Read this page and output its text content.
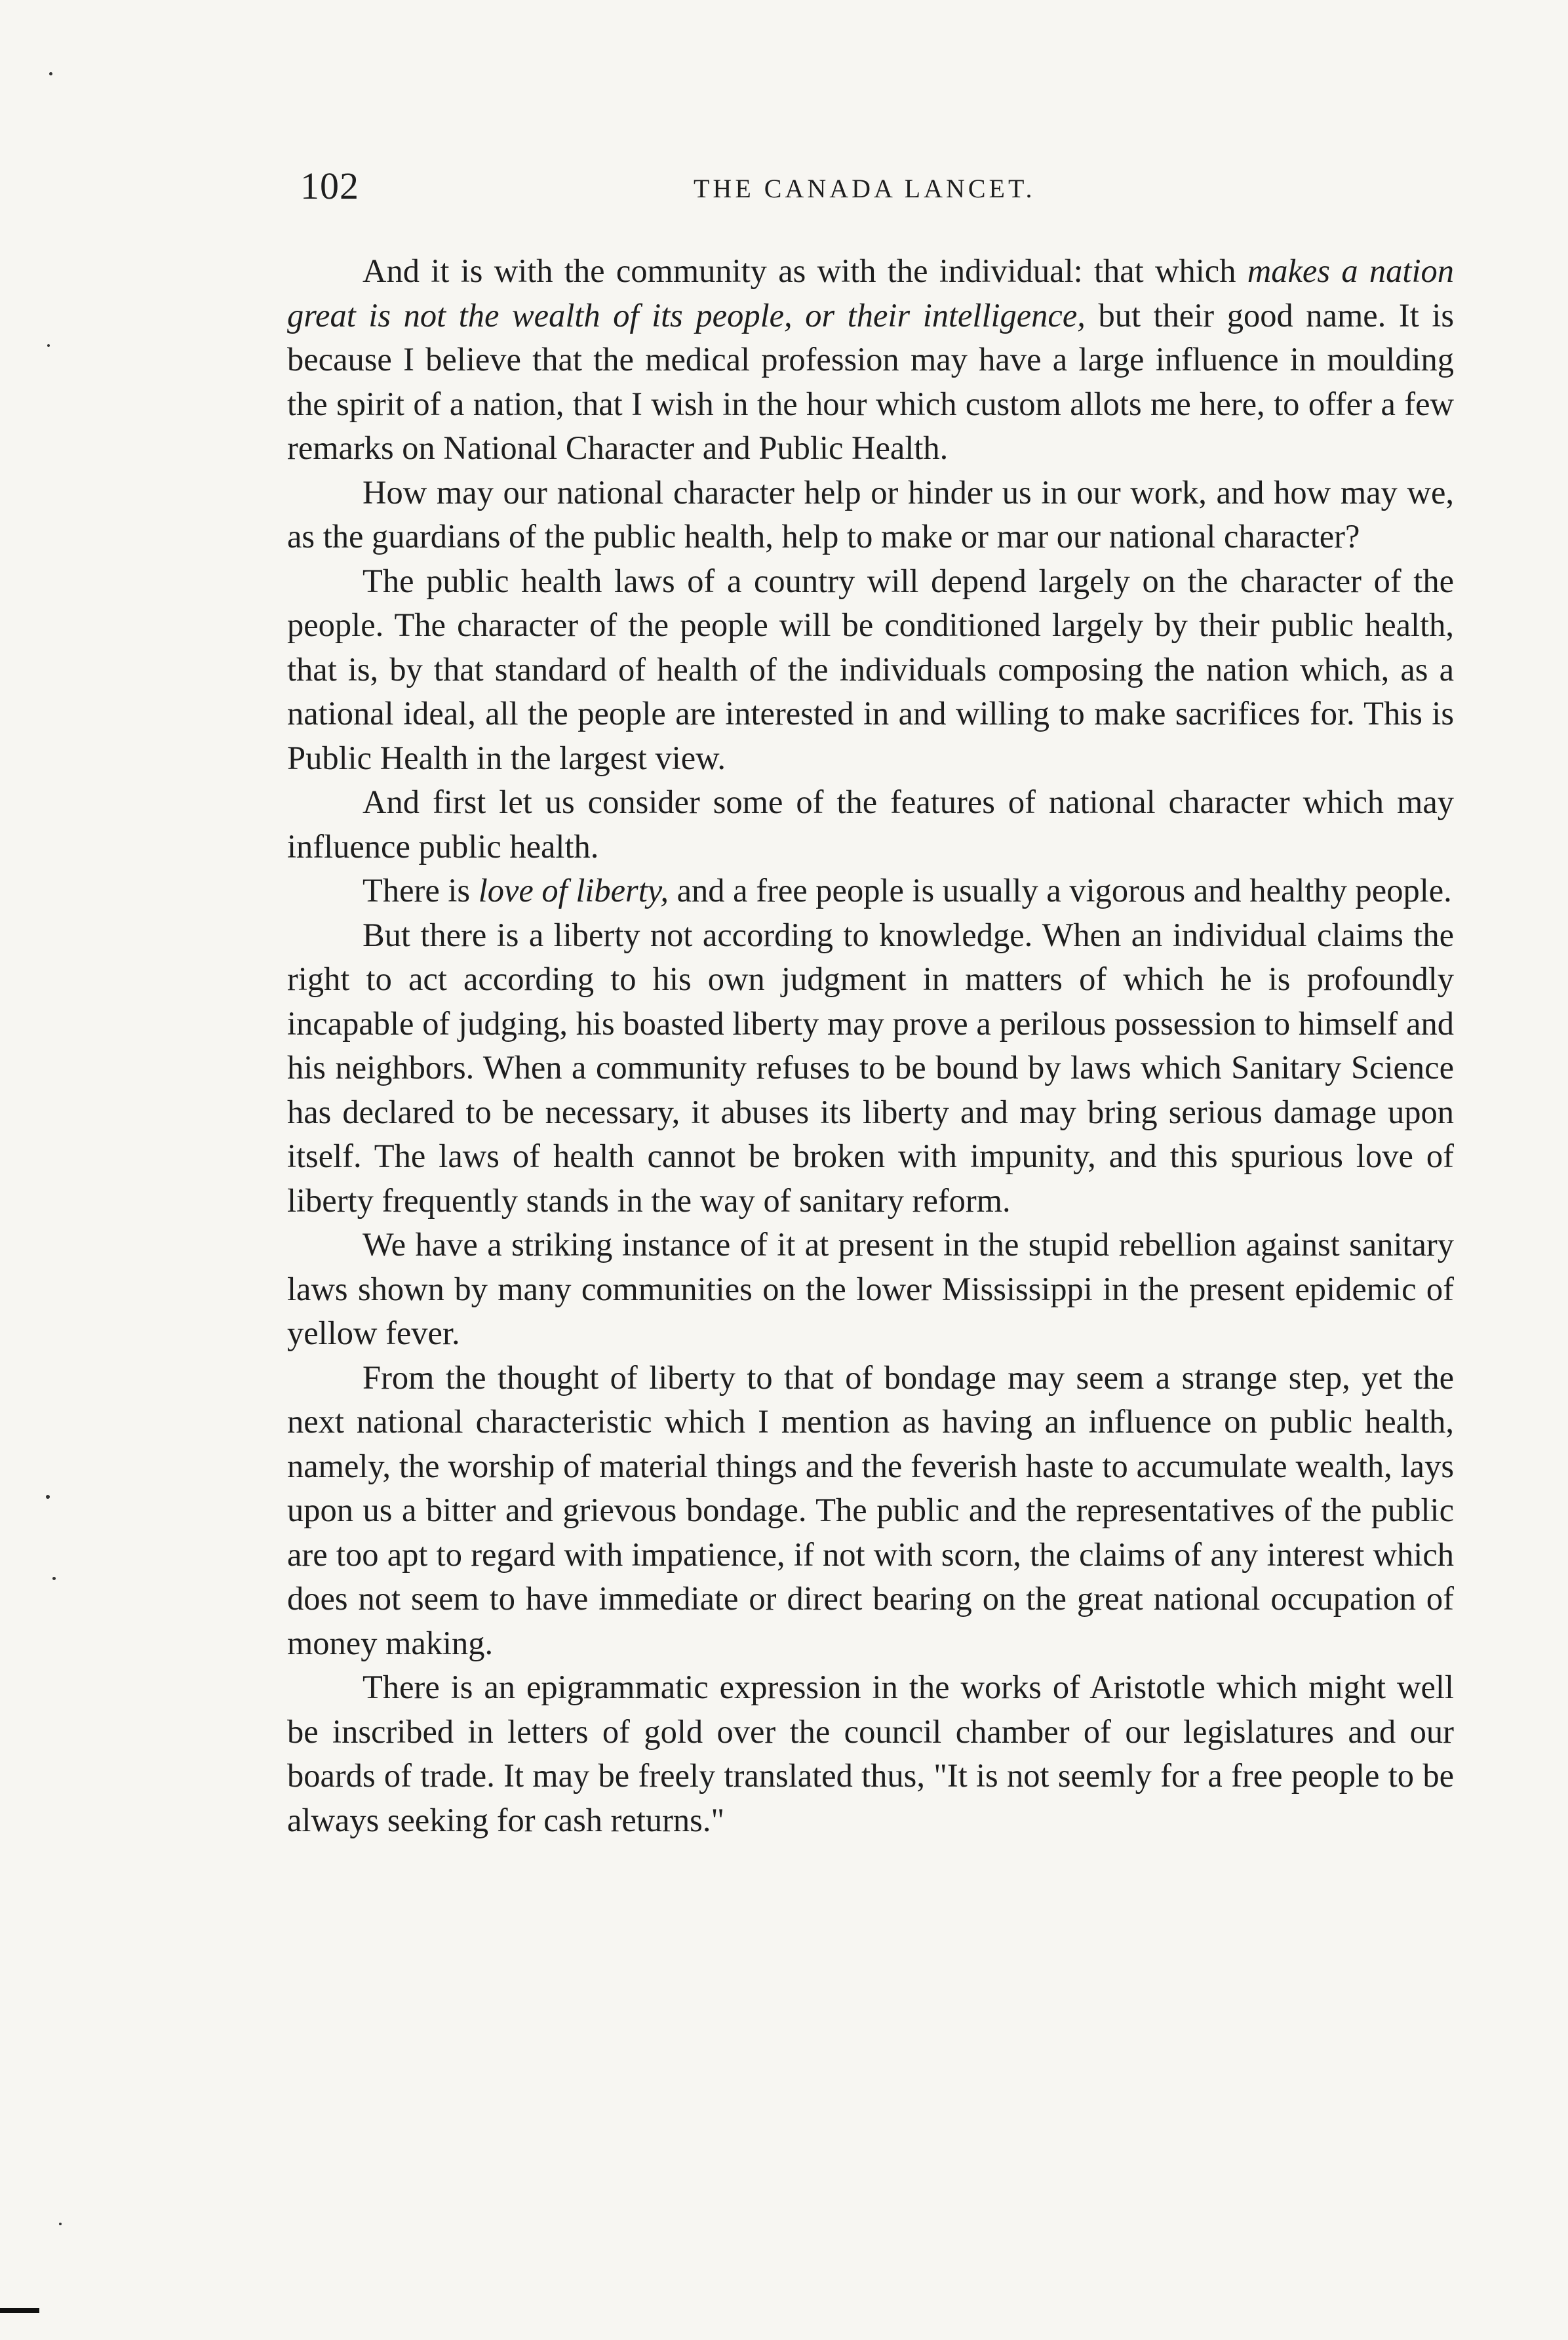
102	THE CANADA LANCET.

And it is with the community as with the individual: that which makes a nation great is not the wealth of its people, or their intelligence, but their good name. It is because I believe that the medical profession may have a large influence in moulding the spirit of a nation, that I wish in the hour which custom allots me here, to offer a few remarks on National Character and Public Health.

How may our national character help or hinder us in our work, and how may we, as the guardians of the public health, help to make or mar our national character?

The public health laws of a country will depend largely on the character of the people. The character of the people will be conditioned largely by their public health, that is, by that standard of health of the individuals composing the nation which, as a national ideal, all the people are interested in and willing to make sacrifices for. This is Public Health in the largest view.

And first let us consider some of the features of national character which may influence public health.

There is love of liberty, and a free people is usually a vigorous and healthy people.

But there is a liberty not according to knowledge. When an individual claims the right to act according to his own judgment in matters of which he is profoundly incapable of judging, his boasted liberty may prove a perilous possession to himself and his neighbors. When a community refuses to be bound by laws which Sanitary Science has declared to be necessary, it abuses its liberty and may bring serious damage upon itself. The laws of health cannot be broken with impunity, and this spurious love of liberty frequently stands in the way of sanitary reform.

We have a striking instance of it at present in the stupid rebellion against sanitary laws shown by many communities on the lower Mississippi in the present epidemic of yellow fever.

From the thought of liberty to that of bondage may seem a strange step, yet the next national characteristic which I mention as having an influence on public health, namely, the worship of material things and the feverish haste to accumulate wealth, lays upon us a bitter and grievous bondage. The public and the representatives of the public are too apt to regard with impatience, if not with scorn, the claims of any interest which does not seem to have immediate or direct bearing on the great national occupation of money making.

There is an epigrammatic expression in the works of Aristotle which might well be inscribed in letters of gold over the council chamber of our legislatures and our boards of trade. It may be freely translated thus, "It is not seemly for a free people to be always seeking for cash returns."
